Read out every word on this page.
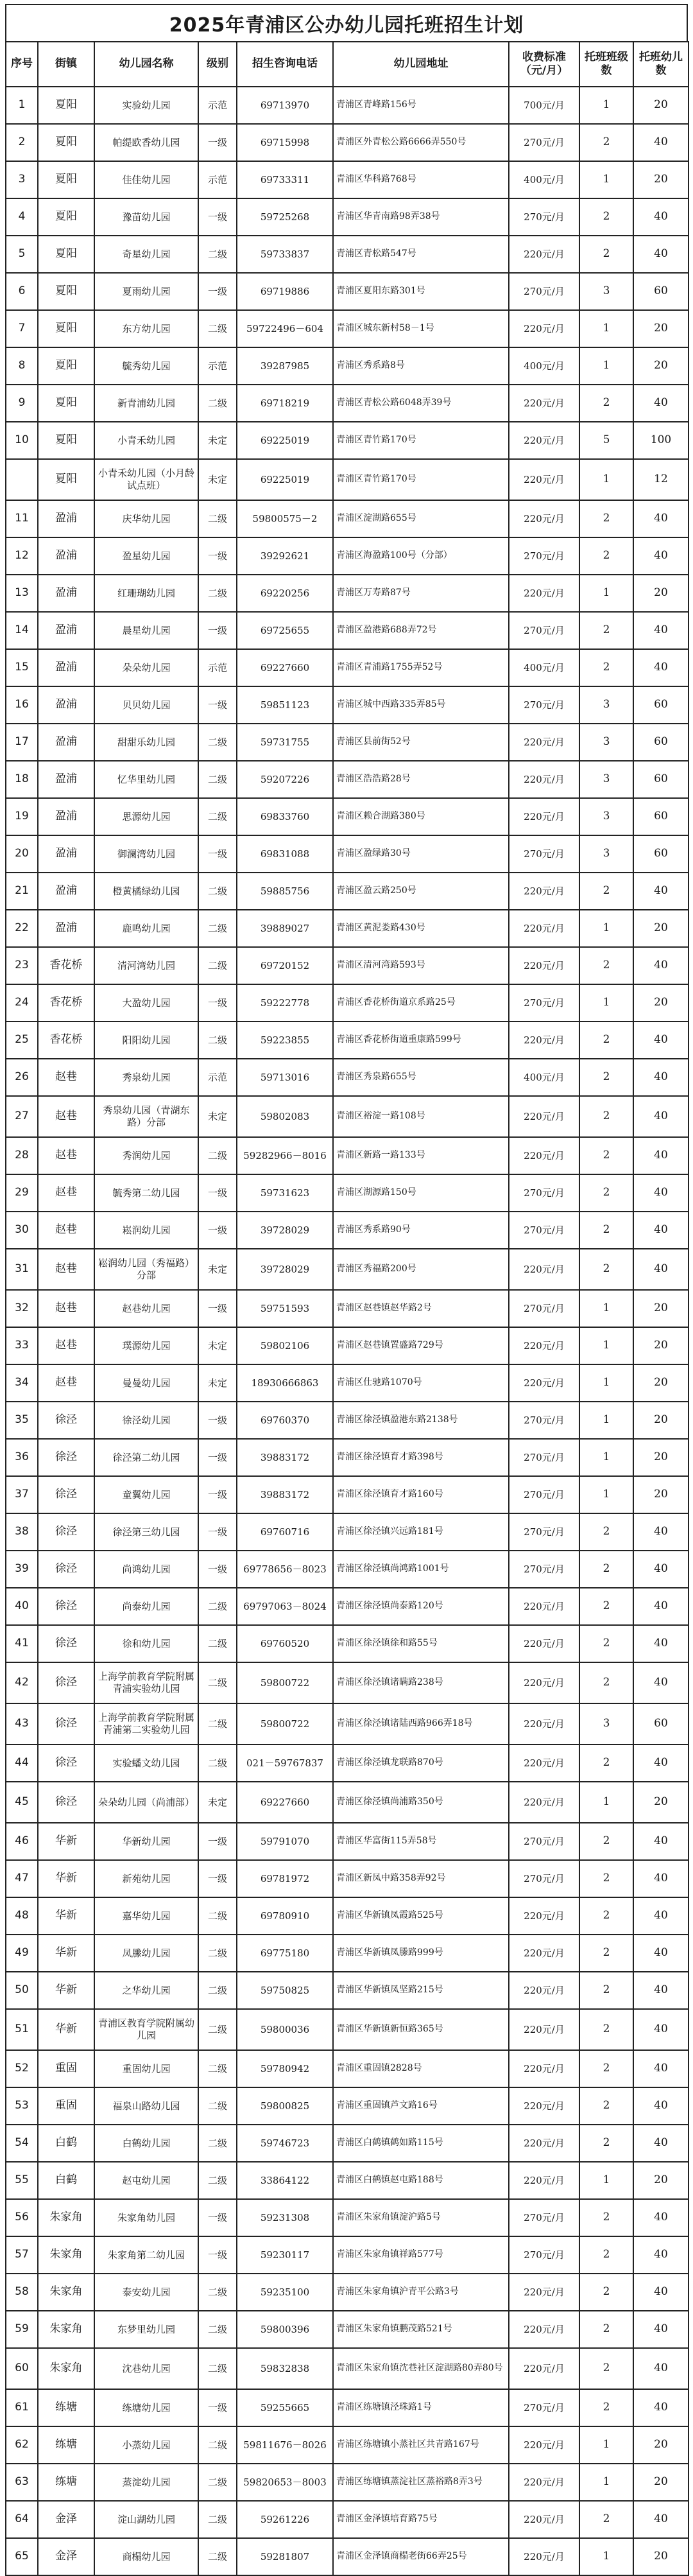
2025年青浦区公办幼儿园托班招生计划
序号	街镇	幼儿园名称	级别	招生咨询电话	幼儿园地址	收费标准（元/月）	托班班级数	托班幼儿数
1	夏阳	实验幼儿园	示范	69713970	青浦区青峰路156号	700元/月	1	20
2	夏阳	帕缇欧香幼儿园	一级	69715998	青浦区外青松公路6666弄550号	270元/月	2	40
3	夏阳	佳佳幼儿园	示范	69733311	青浦区华科路768号	400元/月	1	20
4	夏阳	豫苗幼儿园	一级	59725268	青浦区华青南路98弄38号	270元/月	2	40
5	夏阳	奇星幼儿园	二级	59733837	青浦区青松路547号	220元/月	2	40
6	夏阳	夏雨幼儿园	一级	69719886	青浦区夏阳东路301号	270元/月	3	60
7	夏阳	东方幼儿园	二级	59722496－604	青浦区城东新村58－1号	220元/月	1	20
8	夏阳	毓秀幼儿园	示范	39287985	青浦区秀系路8号	400元/月	1	20
9	夏阳	新青浦幼儿园	二级	69718219	青浦区青松公路6048弄39号	220元/月	2	40
10	夏阳	小青禾幼儿园	未定	69225019	青浦区青竹路170号	220元/月	5	100
	夏阳	小青禾幼儿园（小月龄试点班）	未定	69225019	青浦区青竹路170号	220元/月	1	12
11	盈浦	庆华幼儿园	二级	59800575－2	青浦区淀湖路655号	220元/月	2	40
12	盈浦	盈星幼儿园	一级	39292621	青浦区海盈路100号（分部）	270元/月	2	40
13	盈浦	红珊瑚幼儿园	二级	69220256	青浦区万寿路87号	220元/月	1	20
14	盈浦	晨星幼儿园	一级	69725655	青浦区盈港路688弄72号	270元/月	2	40
15	盈浦	朵朵幼儿园	示范	69227660	青浦区青浦路1755弄52号	400元/月	2	40
16	盈浦	贝贝幼儿园	一级	59851123	青浦区城中西路335弄85号	270元/月	3	60
17	盈浦	甜甜乐幼儿园	二级	59731755	青浦区县前街52号	220元/月	3	60
18	盈浦	忆华里幼儿园	二级	59207226	青浦区浩浩路28号	220元/月	3	60
19	盈浦	思源幼儿园	二级	69833760	青浦区赖合湖路380号	220元/月	3	60
20	盈浦	御澜湾幼儿园	一级	69831088	青浦区盈绿路30号	270元/月	3	60
21	盈浦	橙黄橘绿幼儿园	二级	59885756	青浦区盈云路250号	220元/月	2	40
22	盈浦	鹿鸣幼儿园	二级	39889027	青浦区黄泥娄路430号	220元/月	1	20
23	香花桥	清河湾幼儿园	二级	69720152	青浦区清河湾路593号	220元/月	2	40
24	香花桥	大盈幼儿园	一级	59222778	青浦区香花桥街道京系路25号	270元/月	1	20
25	香花桥	阳阳幼儿园	二级	59223855	青浦区香花桥街道重康路599号	220元/月	2	40
26	赵巷	秀泉幼儿园	示范	59713016	青浦区秀泉路655号	400元/月	2	40
27	赵巷	秀泉幼儿园（青湖东路）分部	未定	59802083	青浦区裕淀一路108号	220元/月	2	40
28	赵巷	秀润幼儿园	二级	59282966－8016	青浦区新路一路133号	220元/月	2	40
29	赵巷	毓秀第二幼儿园	一级	59731623	青浦区湖源路150号	270元/月	2	40
30	赵巷	崧润幼儿园	一级	39728029	青浦区秀系路90号	270元/月	2	40
31	赵巷	崧润幼儿园（秀福路）分部	未定	39728029	青浦区秀福路200号	220元/月	2	40
32	赵巷	赵巷幼儿园	一级	59751593	青浦区赵巷镇赵华路2号	270元/月	1	20
33	赵巷	璞源幼儿园	未定	59802106	青浦区赵巷镇置盛路729号	220元/月	1	20
34	赵巷	曼曼幼儿园	未定	18930666863	青浦区仕驰路1070号	220元/月	1	20
35	徐泾	徐泾幼儿园	一级	69760370	青浦区徐泾镇盈港东路2138号	270元/月	1	20
36	徐泾	徐泾第二幼儿园	一级	39883172	青浦区徐泾镇育才路398号	270元/月	1	20
37	徐泾	童翼幼儿园	一级	39883172	青浦区徐泾镇育才路160号	270元/月	1	20
38	徐泾	徐泾第三幼儿园	一级	69760716	青浦区徐泾镇兴远路181号	270元/月	2	40
39	徐泾	尚鸿幼儿园	一级	69778656－8023	青浦区徐泾镇尚鸿路1001号	270元/月	2	40
40	徐泾	尚泰幼儿园	二级	69797063－8024	青浦区徐泾镇尚泰路120号	220元/月	2	40
41	徐泾	徐和幼儿园	二级	69760520	青浦区徐泾镇徐和路55号	220元/月	2	40
42	徐泾	上海学前教育学院附属青浦实验幼儿园	二级	59800722	青浦区徐泾镇诸瞒路238号	220元/月	2	40
43	徐泾	上海学前教育学院附属青浦第二实验幼儿园	二级	59800722	青浦区徐泾镇诸陆西路966弄18号	220元/月	3	60
44	徐泾	实验蟠文幼儿园	二级	021－59767837	青浦区徐泾镇龙联路870号	220元/月	2	40
45	徐泾	朵朵幼儿园（尚浦部）	未定	69227660	青浦区徐泾镇尚浦路350号	220元/月	1	20
46	华新	华新幼儿园	一级	59791070	青浦区华富街115弄58号	270元/月	2	40
47	华新	新苑幼儿园	一级	69781972	青浦区新凤中路358弄92号	270元/月	2	40
48	华新	嘉华幼儿园	二级	69780910	青浦区华新镇凤霞路525号	220元/月	2	40
49	华新	凤縢幼儿园	二级	69775180	青浦区华新镇凤縢路999号	220元/月	2	40
50	华新	之华幼儿园	二级	59750825	青浦区华新镇凤坚路215号	220元/月	2	40
51	华新	青浦区教育学院附属幼儿园	二级	59800036	青浦区华新镇新恒路365号	220元/月	2	40
52	重固	重固幼儿园	二级	59780942	青浦区重固镇2828号	220元/月	2	40
53	重固	福泉山路幼儿园	二级	59800825	青浦区重固镇芦文路16号	220元/月	2	40
54	白鹤	白鹤幼儿园	二级	59746723	青浦区白鹤镇鹤如路115号	220元/月	2	40
55	白鹤	赵屯幼儿园	二级	33864122	青浦区白鹤镇赵屯路188号	220元/月	1	20
56	朱家角	朱家角幼儿园	一级	59231308	青浦区朱家角镇淀沪路5号	270元/月	2	40
57	朱家角	朱家角第二幼儿园	一级	59230117	青浦区朱家角镇祥路577号	270元/月	2	40
58	朱家角	泰安幼儿园	二级	59235100	青浦区朱家角镇沪青平公路3号	220元/月	2	40
59	朱家角	东梦里幼儿园	二级	59800396	青浦区朱家角镇鹏茂路521号	220元/月	2	40
60	朱家角	沈巷幼儿园	二级	59832838	青浦区朱家角镇沈巷社区淀湖路80弄80号	220元/月	2	40
61	练塘	练塘幼儿园	一级	59255665	青浦区练塘镇泾珠路1号	270元/月	2	40
62	练塘	小蒸幼儿园	二级	59811676－8026	青浦区练塘镇小蒸社区共青路167号	220元/月	1	20
63	练塘	蒸淀幼儿园	二级	59820653－8003	青浦区练塘镇蒸淀社区蒸裕路8弄3号	220元/月	1	20
64	金泽	淀山湖幼儿园	二级	59261226	青浦区金泽镇培育路75号	220元/月	2	40
65	金泽	商榻幼儿园	二级	59281807	青浦区金泽镇商榻老街66弄25号	220元/月	1	20
